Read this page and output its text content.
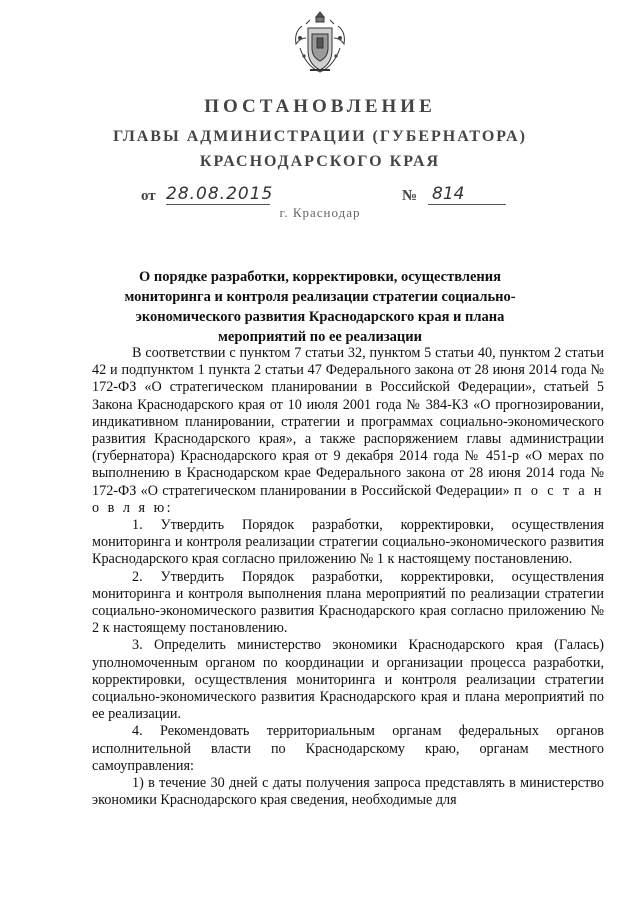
ПОСТАНОВЛЕНИЕ
ГЛАВЫ АДМИНИСТРАЦИИ (ГУБЕРНАТОРА)
КРАСНОДАРСКОГО КРАЯ
от 28.08.2015	№ 814
г. Краснодар
О порядке разработки, корректировки, осуществления мониторинга и контроля реализации стратегии социально-экономического развития Краснодарского края и плана мероприятий по ее реализации

В соответствии с пунктом 7 статьи 32, пунктом 5 статьи 40, пунктом 2 статьи 42 и подпунктом 1 пункта 2 статьи 47 Федерального закона от 28 июня 2014 года № 172-ФЗ «О стратегическом планировании в Российской Федерации», статьей 5 Закона Краснодарского края от 10 июля 2001 года № 384-КЗ «О прогнозировании, индикативном планировании, стратегии и программах социально-экономического развития Краснодарского края», а также распоряжением главы администрации (губернатора) Краснодарского края от 9 декабря 2014 года № 451-р «О мерах по выполнению в Краснодарском крае Федерального закона от 28 июня 2014 года № 172-ФЗ «О стратегическом планировании в Российской Федерации» п о с т а н о в л я ю:

1. Утвердить Порядок разработки, корректировки, осуществления мониторинга и контроля реализации стратегии социально-экономического развития Краснодарского края согласно приложению № 1 к настоящему постановлению.

2. Утвердить Порядок разработки, корректировки, осуществления мониторинга и контроля выполнения плана мероприятий по реализации стратегии социально-экономического развития Краснодарского края согласно приложению № 2 к настоящему постановлению.

3. Определить министерство экономики Краснодарского края (Галась) уполномоченным органом по координации и организации процесса разработки, корректировки, осуществления мониторинга и контроля реализации стратегии социально-экономического развития Краснодарского края и плана мероприятий по ее реализации.

4. Рекомендовать территориальным органам федеральных органов исполнительной власти по Краснодарскому краю, органам местного самоуправления:

1) в течение 30 дней с даты получения запроса представлять в министерство экономики Краснодарского края сведения, необходимые для
